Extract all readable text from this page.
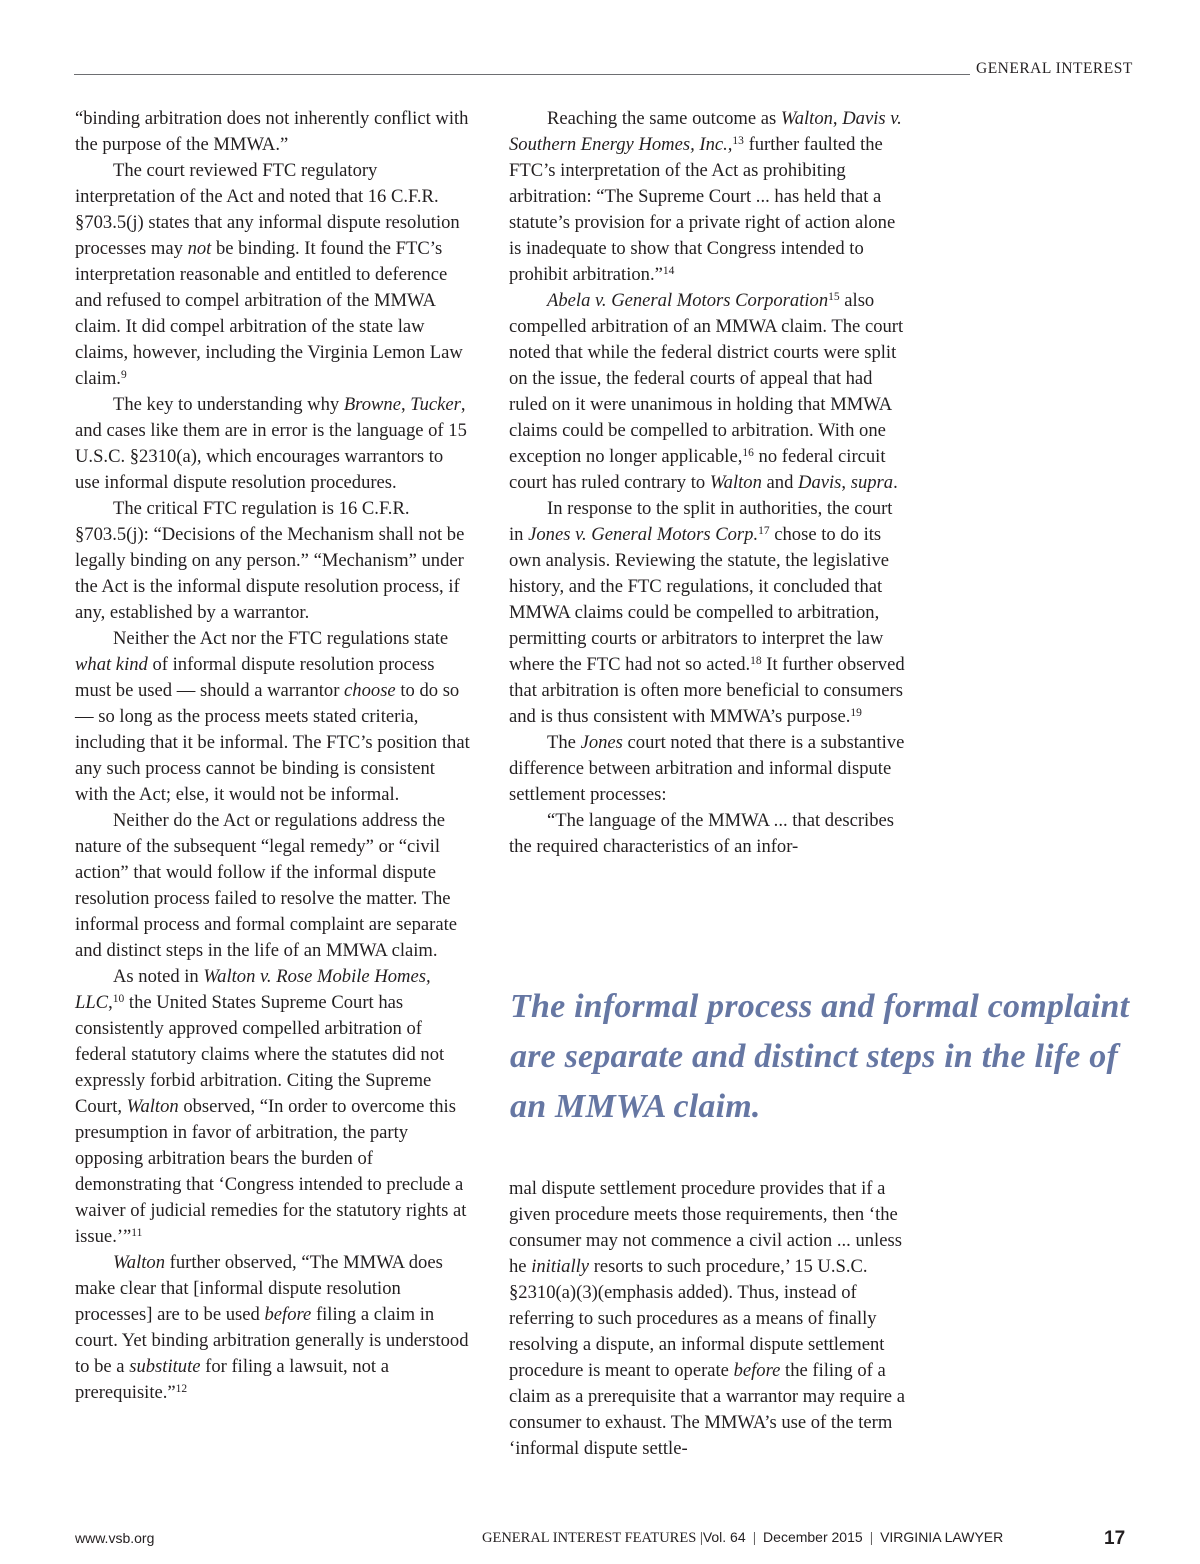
GENERAL INTEREST

“binding arbitration does not inherently conflict with the purpose of the MMWA.”

The court reviewed FTC regulatory interpretation of the Act and noted that 16 C.F.R. §703.5(j) states that any informal dispute resolution processes may not be binding. It found the FTC’s interpretation reasonable and entitled to deference and refused to compel arbitration of the MMWA claim. It did compel arbitration of the state law claims, however, including the Virginia Lemon Law claim.$^9$

The key to understanding why Browne, Tucker, and cases like them are in error is the language of 15 U.S.C. §2310(a), which encourages warrantors to use informal dispute resolution procedures.

The critical FTC regulation is 16 C.F.R. §703.5(j): “Decisions of the Mechanism shall not be legally binding on any person.” “Mechanism” under the Act is the informal dispute resolution process, if any, established by a warrantor.

Neither the Act nor the FTC regulations state what kind of informal dispute resolution process must be used — should a warrantor choose to do so — so long as the process meets stated criteria, including that it be informal. The FTC’s position that any such process cannot be binding is consistent with the Act; else, it would not be informal.

Neither do the Act or regulations address the nature of the subsequent “legal remedy” or “civil action” that would follow if the informal dispute resolution process failed to resolve the matter. The informal process and formal complaint are separate and distinct steps in the life of an MMWA claim.

As noted in Walton v. Rose Mobile Homes, LLC,$^{10}$ the United States Supreme Court has consistently approved compelled arbitration of federal statutory claims where the statutes did not expressly forbid arbitration. Citing the Supreme Court, Walton observed, “In order to overcome this presumption in favor of arbitration, the party opposing arbitration bears the burden of demonstrating that ‘Congress intended to preclude a waiver of judicial remedies for the statutory rights at issue.’”$^{11}$

Walton further observed, “The MMWA does make clear that [informal dispute resolution processes] are to be used before filing a claim in court. Yet binding arbitration generally is understood to be a substitute for filing a lawsuit, not a prerequisite.”$^{12}$

Reaching the same outcome as Walton, Davis v. Southern Energy Homes, Inc.,$^{13}$ further faulted the FTC’s interpretation of the Act as prohibiting arbitration: “The Supreme Court ... has held that a statute’s provision for a private right of action alone is inadequate to show that Congress intended to prohibit arbitration.”$^{14}$

Abela v. General Motors Corporation$^{15}$ also compelled arbitration of an MMWA claim. The court noted that while the federal district courts were split on the issue, the federal courts of appeal that had ruled on it were unanimous in holding that MMWA claims could be compelled to arbitration. With one exception no longer applicable,$^{16}$ no federal circuit court has ruled contrary to Walton and Davis, supra.

In response to the split in authorities, the court in Jones v. General Motors Corp.$^{17}$ chose to do its own analysis. Reviewing the statute, the legislative history, and the FTC regulations, it concluded that MMWA claims could be compelled to arbitration, permitting courts or arbitrators to interpret the law where the FTC had not so acted.$^{18}$ It further observed that arbitration is often more beneficial to consumers and is thus consistent with MMWA’s purpose.$^{19}$

The Jones court noted that there is a substantive difference between arbitration and informal dispute settlement processes:

“The language of the MMWA ... that describes the required characteristics of an infor-

The informal process and formal complaint are separate and distinct steps in the life of an MMWA claim.

mal dispute settlement procedure provides that if a given procedure meets those requirements, then ‘the consumer may not commence a civil action ... unless he initially resorts to such procedure,’ 15 U.S.C. §2310(a)(3)(emphasis added). Thus, instead of referring to such procedures as a means of finally resolving a dispute, an informal dispute settlement procedure is meant to operate before the filing of a claim as a prerequisite that a warrantor may require a consumer to exhaust. The MMWA’s use of the term ‘informal dispute settle-

www.vsb.org	GENERAL INTEREST FEATURES |Vol. 64 | December 2015 | VIRGINIA LAWYER	17
